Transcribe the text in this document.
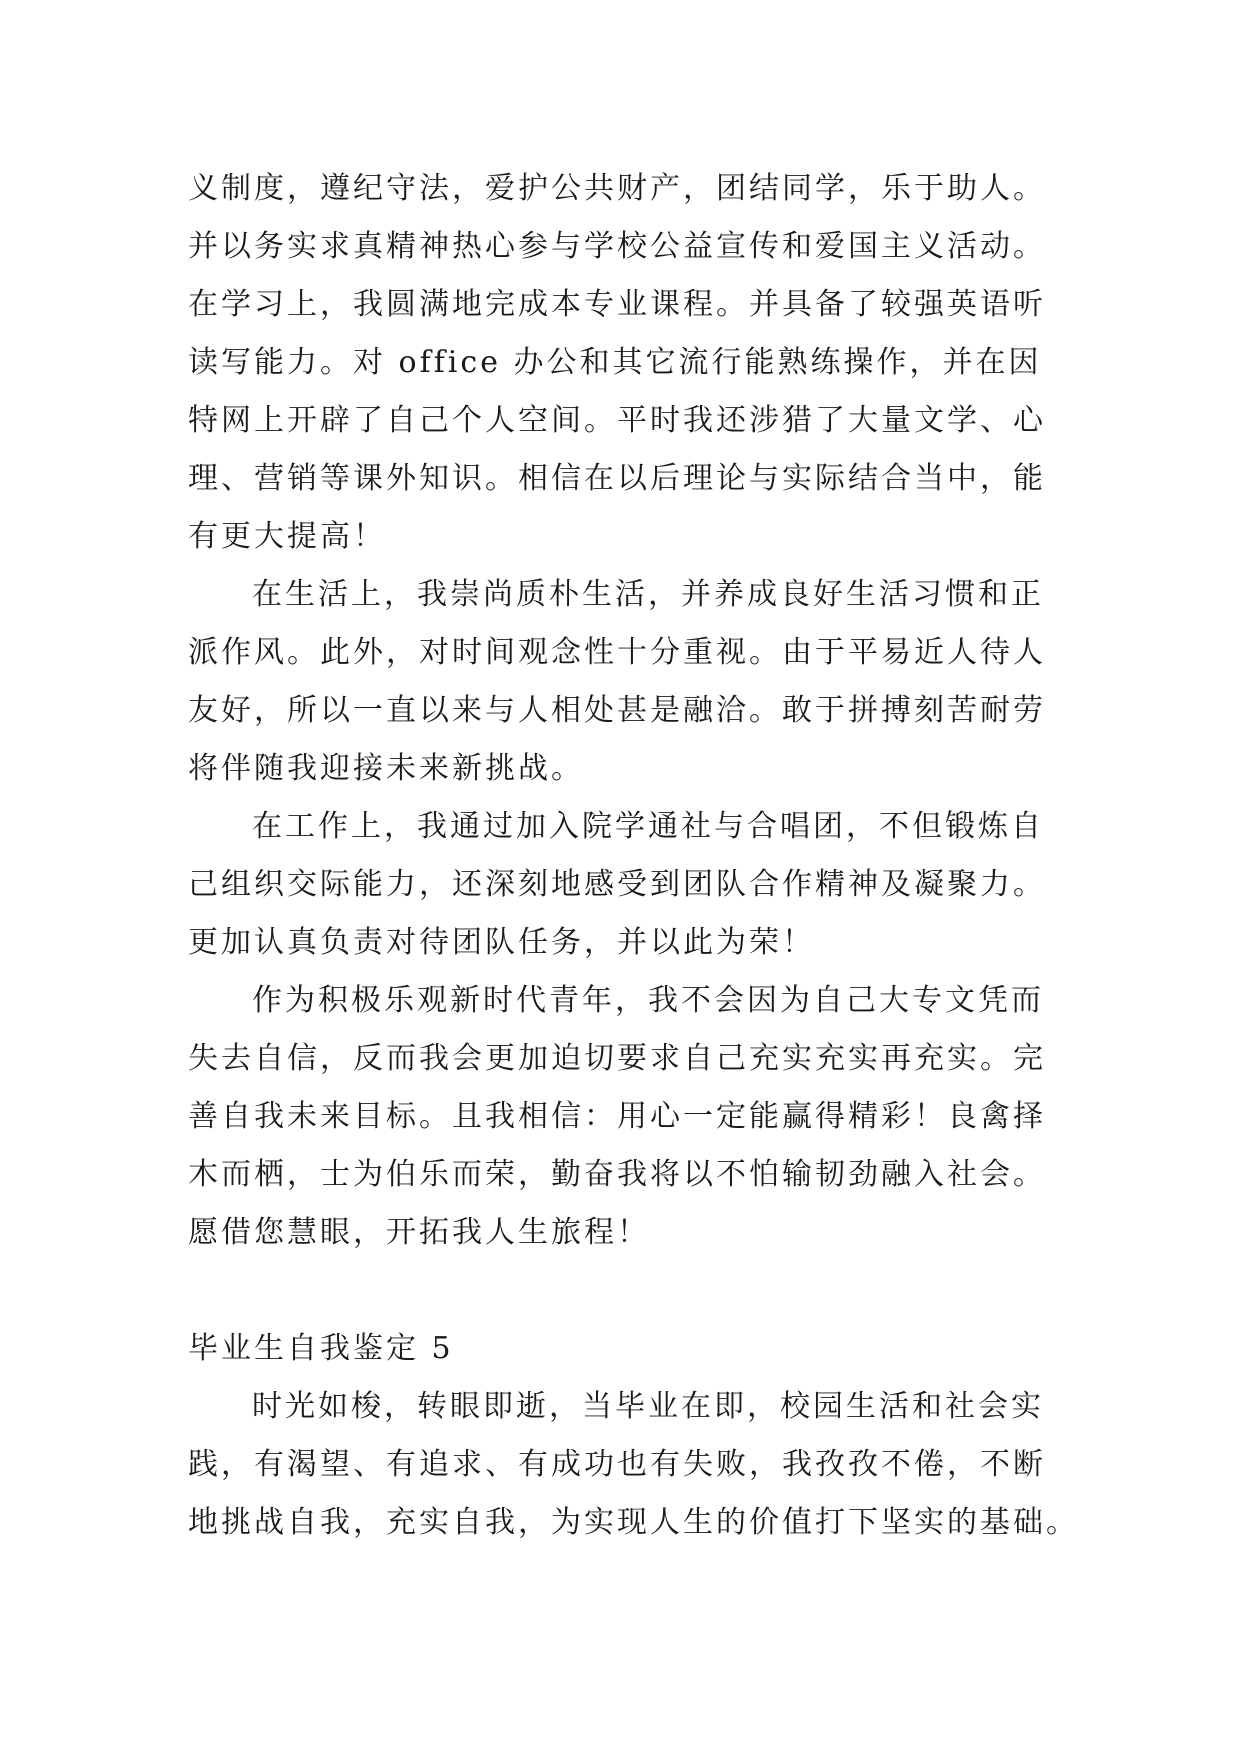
义制度，遵纪守法，爱护公共财产，团结同学，乐于助人。
并以务实求真精神热心参与学校公益宣传和爱国主义活动。
在学习上，我圆满地完成本专业课程。并具备了较强英语听
读写能力。对 office 办公和其它流行能熟练操作，并在因
特网上开辟了自己个人空间。平时我还涉猎了大量文学、心
理、营销等课外知识。相信在以后理论与实际结合当中，能
有更大提高！
在生活上，我崇尚质朴生活，并养成良好生活习惯和正
派作风。此外，对时间观念性十分重视。由于平易近人待人
友好，所以一直以来与人相处甚是融洽。敢于拼搏刻苦耐劳
将伴随我迎接未来新挑战。
在工作上，我通过加入院学通社与合唱团，不但锻炼自
己组织交际能力，还深刻地感受到团队合作精神及凝聚力。
更加认真负责对待团队任务，并以此为荣！
作为积极乐观新时代青年，我不会因为自己大专文凭而
失去自信，反而我会更加迫切要求自己充实充实再充实。完
善自我未来目标。且我相信：用心一定能赢得精彩！良禽择
木而栖，士为伯乐而荣，勤奋我将以不怕输韧劲融入社会。
愿借您慧眼，开拓我人生旅程！
毕业生自我鉴定 5
时光如梭，转眼即逝，当毕业在即，校园生活和社会实
践，有渴望、有追求、有成功也有失败，我孜孜不倦，不断
地挑战自我，充实自我，为实现人生的价值打下坚实的基础。
